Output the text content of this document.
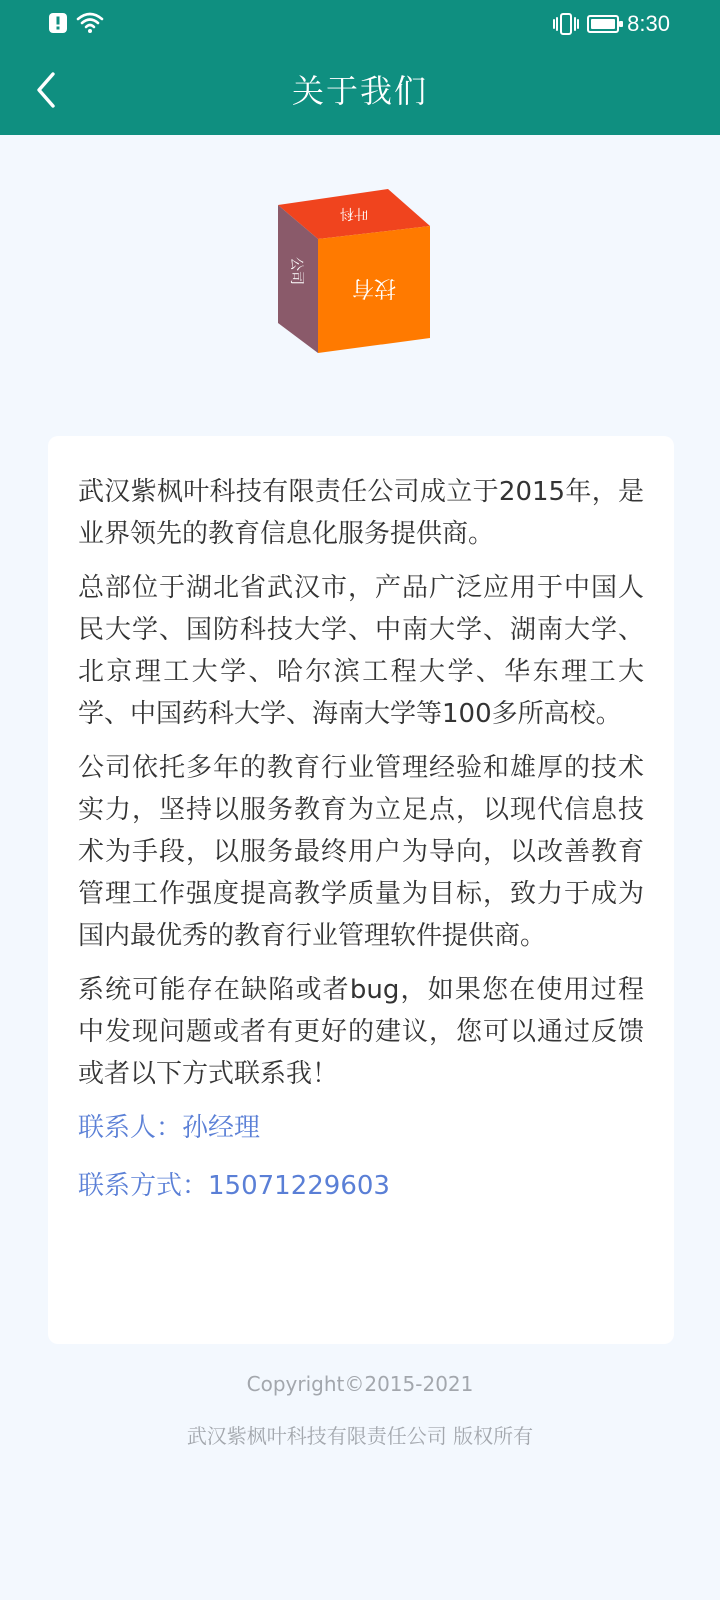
8:30
关于我们
技有
叶科
公司

武汉紫枫叶科技有限责任公司成立于2015年，是业界领先的教育信息化服务提供商。

总部位于湖北省武汉市，产品广泛应用于中国人民大学、国防科技大学、中南大学、湖南大学、北京理工大学、哈尔滨工程大学、华东理工大学、中国药科大学、海南大学等100多所高校。

公司依托多年的教育行业管理经验和雄厚的技术实力，坚持以服务教育为立足点，以现代信息技术为手段，以服务最终用户为导向，以改善教育管理工作强度提高教学质量为目标，致力于成为国内最优秀的教育行业管理软件提供商。

系统可能存在缺陷或者bug，如果您在使用过程中发现问题或者有更好的建议，您可以通过反馈或者以下方式联系我！

联系人：孙经理

联系方式：15071229603

Copyright©2015-2021
武汉紫枫叶科技有限责任公司 版权所有
